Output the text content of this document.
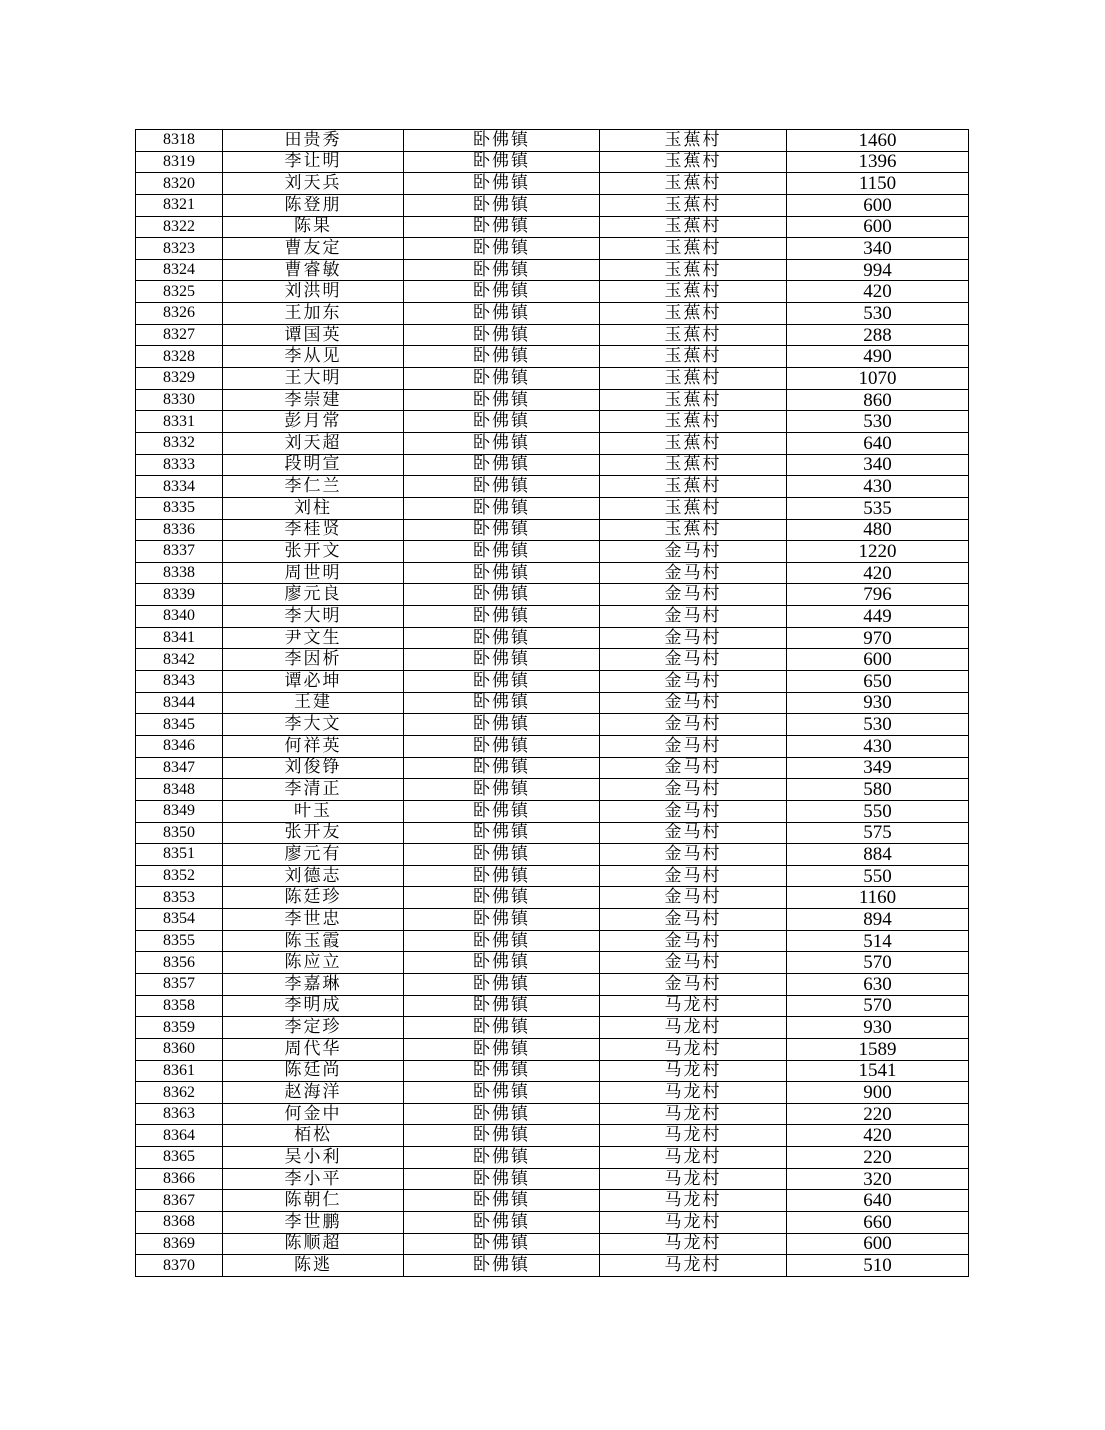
8318	田贵秀	卧佛镇	玉蕉村	1460
8319	李让明	卧佛镇	玉蕉村	1396
8320	刘天兵	卧佛镇	玉蕉村	1150
8321	陈登朋	卧佛镇	玉蕉村	600
8322	陈果	卧佛镇	玉蕉村	600
8323	曹友定	卧佛镇	玉蕉村	340
8324	曹睿敏	卧佛镇	玉蕉村	994
8325	刘洪明	卧佛镇	玉蕉村	420
8326	王加东	卧佛镇	玉蕉村	530
8327	谭国英	卧佛镇	玉蕉村	288
8328	李从见	卧佛镇	玉蕉村	490
8329	王大明	卧佛镇	玉蕉村	1070
8330	李崇建	卧佛镇	玉蕉村	860
8331	彭月常	卧佛镇	玉蕉村	530
8332	刘天超	卧佛镇	玉蕉村	640
8333	段明宣	卧佛镇	玉蕉村	340
8334	李仁兰	卧佛镇	玉蕉村	430
8335	刘柱	卧佛镇	玉蕉村	535
8336	李桂贤	卧佛镇	玉蕉村	480
8337	张开文	卧佛镇	金马村	1220
8338	周世明	卧佛镇	金马村	420
8339	廖元良	卧佛镇	金马村	796
8340	李大明	卧佛镇	金马村	449
8341	尹文生	卧佛镇	金马村	970
8342	李因析	卧佛镇	金马村	600
8343	谭必坤	卧佛镇	金马村	650
8344	王建	卧佛镇	金马村	930
8345	李大文	卧佛镇	金马村	530
8346	何祥英	卧佛镇	金马村	430
8347	刘俊铮	卧佛镇	金马村	349
8348	李清正	卧佛镇	金马村	580
8349	叶玉	卧佛镇	金马村	550
8350	张开友	卧佛镇	金马村	575
8351	廖元有	卧佛镇	金马村	884
8352	刘德志	卧佛镇	金马村	550
8353	陈廷珍	卧佛镇	金马村	1160
8354	李世忠	卧佛镇	金马村	894
8355	陈玉霞	卧佛镇	金马村	514
8356	陈应立	卧佛镇	金马村	570
8357	李嘉琳	卧佛镇	金马村	630
8358	李明成	卧佛镇	马龙村	570
8359	李定珍	卧佛镇	马龙村	930
8360	周代华	卧佛镇	马龙村	1589
8361	陈廷尚	卧佛镇	马龙村	1541
8362	赵海洋	卧佛镇	马龙村	900
8363	何金中	卧佛镇	马龙村	220
8364	栢松	卧佛镇	马龙村	420
8365	吴小利	卧佛镇	马龙村	220
8366	李小平	卧佛镇	马龙村	320
8367	陈朝仁	卧佛镇	马龙村	640
8368	李世鹏	卧佛镇	马龙村	660
8369	陈顺超	卧佛镇	马龙村	600
8370	陈逃	卧佛镇	马龙村	510
